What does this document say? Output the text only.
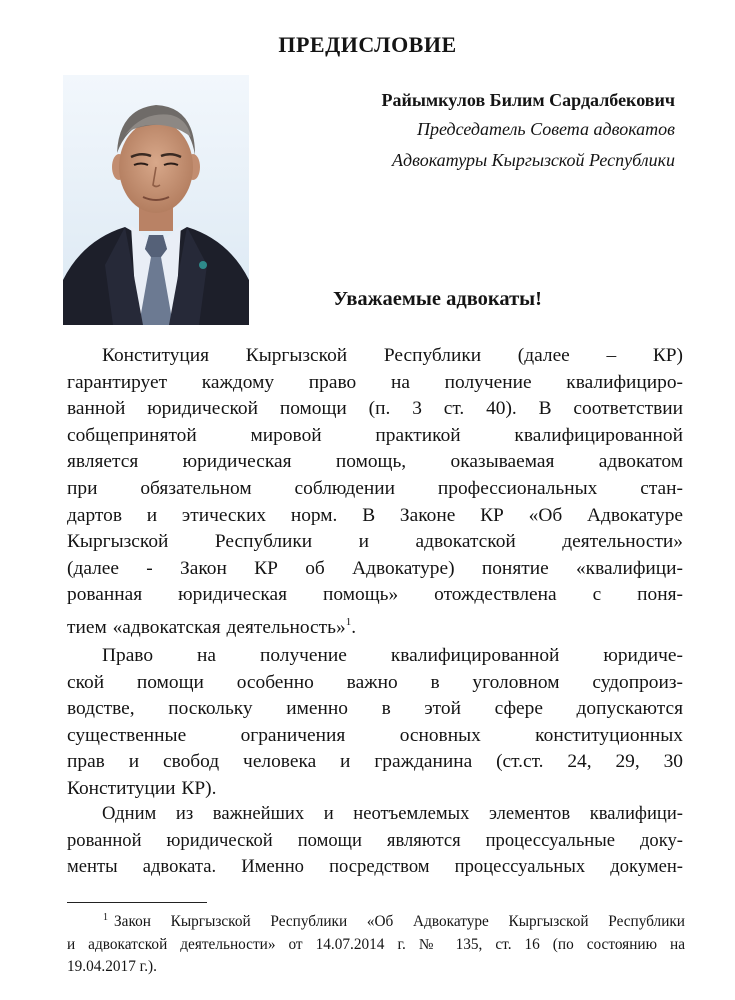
ПРЕДИСЛОВИЕ
Райымкулов Билим Сардалбекович
Председатель Совета адвокатов
Адвокатуры Кыргызской Республики
Уважаемые адвокаты!

Конституция Кыргызской Республики (далее – КР)
гарантирует каждому право на получение квалифициро-
ванной юридической помощи (п. 3 ст. 40). В соответствии
собщепринятой мировой практикой квалифицированной
является юридическая помощь, оказываемая адвокатом
при обязательном соблюдении профессиональных стан-
дартов и этических норм. В Законе КР «Об Адвокатуре
Кыргызской Республики и адвокатской деятельности»
(далее - Закон КР об Адвокатуре) понятие «квалифици-
рованная юридическая помощь» отождествлена с поня-
тием «адвокатская деятельность»$^1$.

Право на получение квалифицированной юридиче-
ской помощи особенно важно в уголовном судопроиз-
водстве, поскольку именно в этой сфере допускаются
существенные ограничения основных конституционных
прав и свобод человека и гражданина (ст.ст. 24, 29, 30
Конституции КР).

Одним из важнейших и неотъемлемых элементов квалифици-
рованной юридической помощи являются процессуальные доку-
менты адвоката. Именно посредством процессуальных докумен-

$^1$ Закон Кыргызской Республики «Об Адвокатуре Кыргызской Республики
и адвокатской деятельности» от 14.07.2014 г. № 135, ст. 16 (по состоянию на
19.04.2017 г.).
